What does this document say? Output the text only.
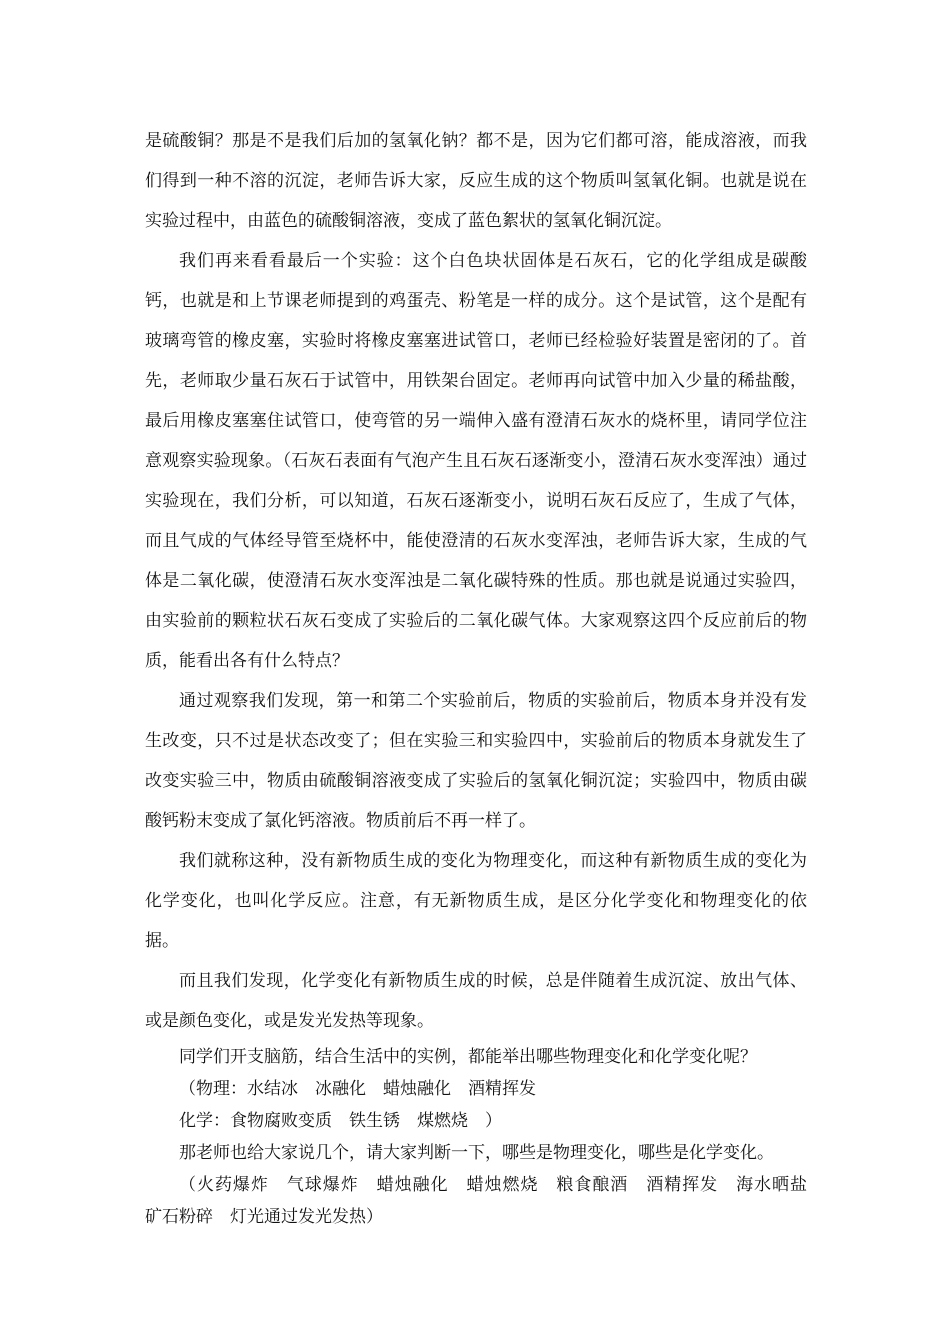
是硫酸铜？那是不是我们后加的氢氧化钠？都不是，因为它们都可溶，能成溶液，而我们得到一种不溶的沉淀，老师告诉大家，反应生成的这个物质叫氢氧化铜。也就是说在实验过程中，由蓝色的硫酸铜溶液，变成了蓝色絮状的氢氧化铜沉淀。

我们再来看看最后一个实验：这个白色块状固体是石灰石，它的化学组成是碳酸钙，也就是和上节课老师提到的鸡蛋壳、粉笔是一样的成分。这个是试管，这个是配有玻璃弯管的橡皮塞，实验时将橡皮塞塞进试管口，老师已经检验好装置是密闭的了。首先，老师取少量石灰石于试管中，用铁架台固定。老师再向试管中加入少量的稀盐酸，最后用橡皮塞塞住试管口，使弯管的另一端伸入盛有澄清石灰水的烧杯里，请同学位注意观察实验现象。（石灰石表面有气泡产生且石灰石逐渐变小，澄清石灰水变浑浊）通过实验现在，我们分析，可以知道，石灰石逐渐变小，说明石灰石反应了，生成了气体，而且气成的气体经导管至烧杯中，能使澄清的石灰水变浑浊，老师告诉大家，生成的气体是二氧化碳，使澄清石灰水变浑浊是二氧化碳特殊的性质。那也就是说通过实验四，由实验前的颗粒状石灰石变成了实验后的二氧化碳气体。大家观察这四个反应前后的物质，能看出各有什么特点？

通过观察我们发现，第一和第二个实验前后，物质的实验前后，物质本身并没有发生改变，只不过是状态改变了；但在实验三和实验四中，实验前后的物质本身就发生了改变实验三中，物质由硫酸铜溶液变成了实验后的氢氧化铜沉淀；实验四中，物质由碳酸钙粉末变成了氯化钙溶液。物质前后不再一样了。

我们就称这种，没有新物质生成的变化为物理变化，而这种有新物质生成的变化为化学变化，也叫化学反应。注意，有无新物质生成，是区分化学变化和物理变化的依据。

而且我们发现，化学变化有新物质生成的时候，总是伴随着生成沉淀、放出气体、或是颜色变化，或是发光发热等现象。

同学们开支脑筋，结合生活中的实例，都能举出哪些物理变化和化学变化呢？

（物理：水结冰　冰融化　蜡烛融化　酒精挥发

化学：食物腐败变质　铁生锈　煤燃烧　）

那老师也给大家说几个，请大家判断一下，哪些是物理变化，哪些是化学变化。

（火药爆炸　气球爆炸　蜡烛融化　蜡烛燃烧　粮食酿酒　酒精挥发　海水晒盐　矿石粉碎　灯光通过发光发热）
